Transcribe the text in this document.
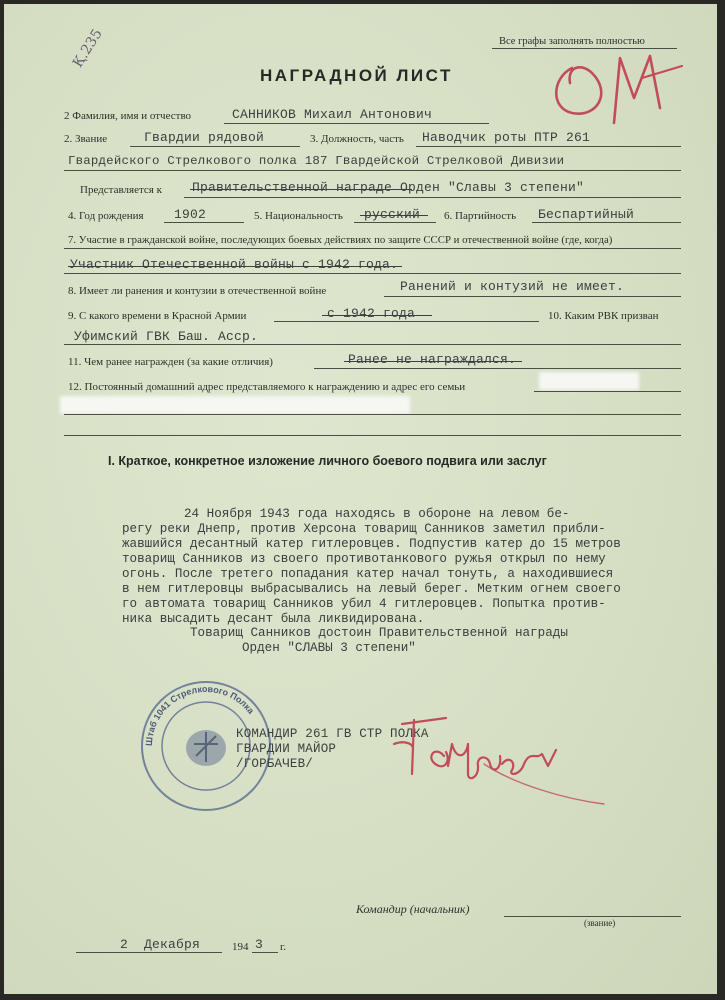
Все графы заполнять полностью
Қ.235
НАГРАДНОЙ ЛИСТ
2 Фамилия, имя и отчество	САННИКОВ Михаил Антонович
2. Звание	Гвардии рядовой	3. Должность, часть Наводчик роты ПТР 261
Гвардейского Стрелкового полка 187 Гвардейской Стрелковой Дивизии
Представляется к Правительственной награде Орден "Славы 3 степени"
4. Год рождения 1902	5. Национальность русский 6. Партийность Беспартийный
7. Участие в гражданской войне, последующих боевых действиях по защите СССР и отечественной войне (где, когда)
Участник Отечественной войны с 1942 года.
8. Имеет ли ранения и контузии в отечественной войне	Ранений и контузий не имеет.
9. С какого времени в Красной Армии	с 1942 года	10. Каким РВК призван
Уфимский ГВК Баш. Асср.
11. Чем ранее награжден (за какие отличия)	Ранее не награждался.
12. Постоянный домашний адрес представляемого к награждению и адрес его семьи
I. Краткое, конкретное изложение личного боевого подвига или заслуг
24 Ноября 1943 года находясь в обороне на левом бе-
регу реки Днепр, против Херсона товарищ Санников заметил прибли-
жавшийся десантный катер гитлеровцев. Подпустив катер до 15 метров
товарищ Санников из своего противотанкового ружья открыл по нему
огонь. После третего попадания катер начал тонуть, а находившиеся
в нем гитлеровцы выбрасывались на левый берег. Метким огнем своего
го автомата товарищ Санников убил 4 гитлеровцев. Попытка против-
ника высадить десант была ликвидирована.
Товарищ Санников достоин Правительственной награды
Орден "СЛАВЫ 3 степени"
Штаб 1041 Стрелкового Полка
КОМАНДИР 261 ГВ СТР ПОЛКА
ГВАРДИИ МАЙОР
/ГОРБАЧЕВ/
Командир (начальник)
(звание)
2 Декабря	194 3 г.
